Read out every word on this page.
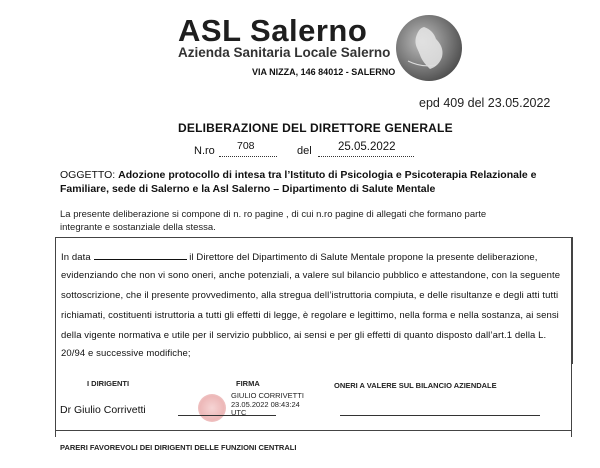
ASL Salerno
Azienda Sanitaria Locale Salerno
VIA NIZZA, 146 84012 - SALERNO
epd 409 del 23.05.2022
DELIBERAZIONE DEL DIRETTORE GENERALE
N.ro 708	del 25.05.2022
OGGETTO: Adozione protocollo di intesa tra l’Istituto di Psicologia e Psicoterapia Relazionale e Familiare, sede di Salerno e la Asl Salerno – Dipartimento di Salute Mentale
La presente deliberazione si compone di n. ro pagine , di cui n.ro pagine di allegati che formano parte
integrante e sostanziale della stessa.

In data	il Direttore del Dipartimento di Salute Mentale propone la presente deliberazione,

evidenziando che non vi sono oneri, anche potenziali, a valere sul bilancio pubblico e attestandone, con la seguente

sottoscrizione, che il presente provvedimento, alla stregua dell’istruttoria compiuta, e delle risultanze e degli atti tutti

richiamati, costituenti istruttoria a tutti gli effetti di legge, è regolare e legittimo, nella forma e nella sostanza, ai sensi

della vigente normativa e utile per il servizio pubblico, ai sensi e per gli effetti di quanto disposto dall’art.1 della L.

20/94 e successive modifiche;

I DIRIGENTI	FIRMA	ONERI A VALERE SUL BILANCIO AZIENDALE
Dr Giulio Corrivetti
GIULIO CORRIVETTI
23.05.2022 08:43:24
UTC
PARERI FAVOREVOLI DEI DIRIGENTI DELLE FUNZIONI CENTRALI
